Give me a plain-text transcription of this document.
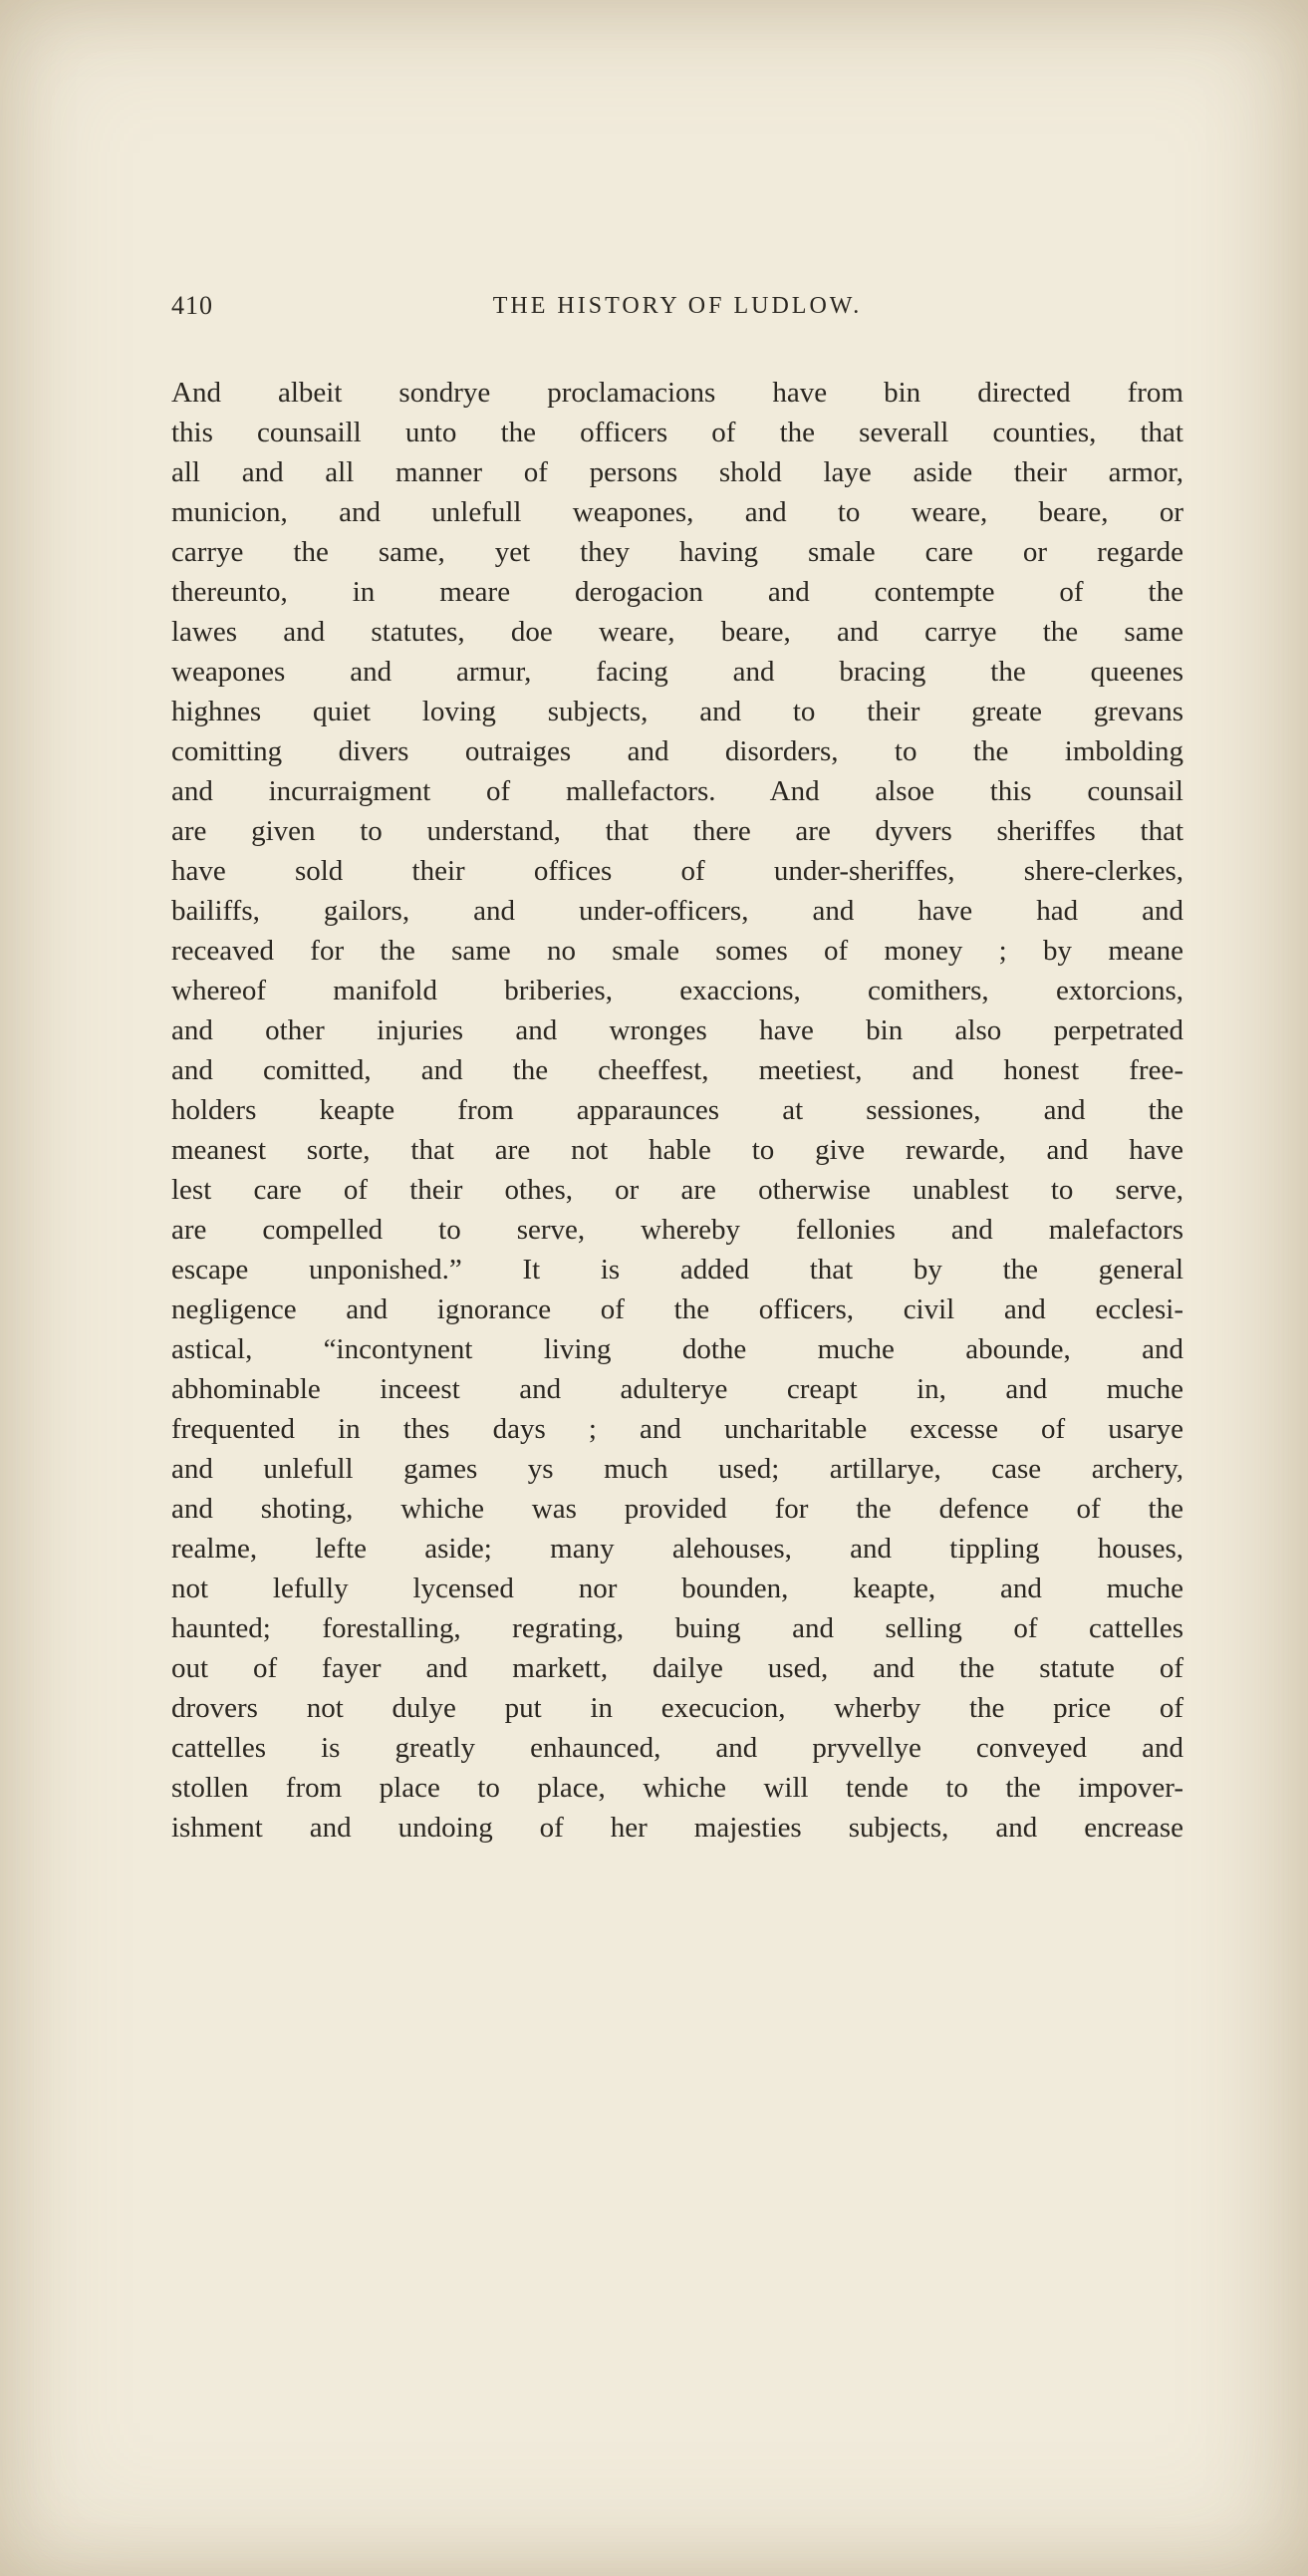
410	THE HISTORY OF LUDLOW.
And albeit sondrye proclamacions have bin directed from
this counsaill unto the officers of the severall counties, that
all and all manner of persons shold laye aside their armor,
municion, and unlefull weapones, and to weare, beare, or
carrye the same, yet they having smale care or regarde
thereunto, in meare derogacion and contempte of the
lawes and statutes, doe weare, beare, and carrye the same
weapones and armur, facing and bracing the queenes
highnes quiet loving subjects, and to their greate grevans
comitting divers outraiges and disorders, to the imbolding
and incurraigment of mallefactors. And alsoe this counsail
are given to understand, that there are dyvers sheriffes that
have sold their offices of under-sheriffes, shere-clerkes,
bailiffs, gailors, and under-officers, and have had and
receaved for the same no smale somes of money ; by meane
whereof manifold briberies, exaccions, comithers, extorcions,
and other injuries and wronges have bin also perpetrated
and comitted, and the cheeffest, meetiest, and honest free-
holders keapte from apparaunces at sessiones, and the
meanest sorte, that are not hable to give rewarde, and have
lest care of their othes, or are otherwise unablest to serve,
are compelled to serve, whereby fellonies and malefactors
escape unponished.” It is added that by the general
negligence and ignorance of the officers, civil and ecclesi-
astical, “incontynent living dothe muche abounde, and
abhominable inceest and adulterye creapt in, and muche
frequented in thes days ; and uncharitable excesse of usarye
and unlefull games ys much used; artillarye, case archery,
and shoting, whiche was provided for the defence of the
realme, lefte aside; many alehouses, and tippling houses,
not lefully lycensed nor bounden, keapte, and muche
haunted; forestalling, regrating, buing and selling of cattelles
out of fayer and markett, dailye used, and the statute of
drovers not dulye put in execucion, wherby the price of
cattelles is greatly enhaunced, and pryvellye conveyed and
stollen from place to place, whiche will tende to the impover-
ishment and undoing of her majesties subjects, and encrease
